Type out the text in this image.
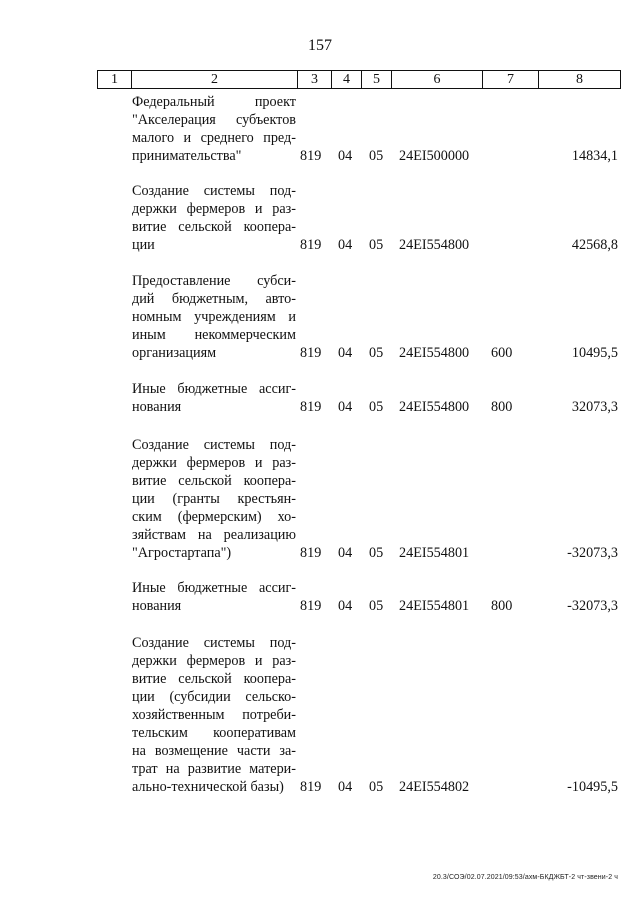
157
1	2	3	4	5	6	7	8
Федеральный проект
"Акселерация субъектов
малого и среднего пред-
принимательства"	819 04 05 24EI500000	14834,1
Создание системы под-
держки фермеров и раз-
витие сельской коопера-
ции	819 04 05 24EI554800	42568,8
Предоставление субси-
дий бюджетным, авто-
номным учреждениям и
иным некоммерческим
организациям	819 04 05 24EI554800 600	10495,5
Иные бюджетные ассиг-
нования	819 04 05 24EI554800 800	32073,3
Создание системы под-
держки фермеров и раз-
витие сельской коопера-
ции (гранты крестьян-
ским (фермерским) хо-
зяйствам на реализацию
"Агростартапа")	819 04 05 24EI554801	-32073,3
Иные бюджетные ассиг-
нования	819 04 05 24EI554801 800	-32073,3
Создание системы под-
держки фермеров и раз-
витие сельской коопера-
ции (субсидии сельско-
хозяйственным потреби-
тельским кооперативам
на возмещение части за-
трат на развитие матери-
ально-технической базы)	819 04 05 24EI554802	-10495,5
20.3/СОЭ/02.07.2021/09:53/ахм-БКДЖБТ-2 чт-звени-2 ч
